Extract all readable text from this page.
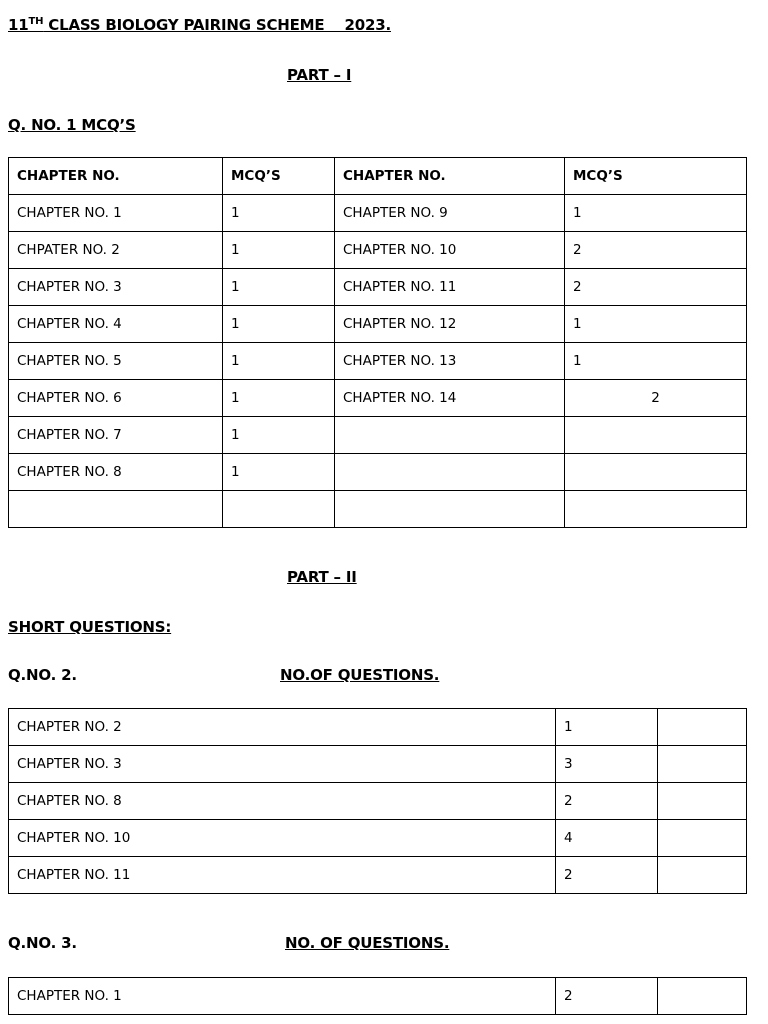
11TH CLASS BIOLOGY PAIRING SCHEME    2023.
PART – I
Q. NO. 1 MCQ’S
CHAPTER NO.	MCQ’S	CHAPTER NO.	MCQ’S
CHAPTER NO. 1	1	CHAPTER NO. 9	1
CHPATER NO. 2	1	CHAPTER NO. 10	2
CHAPTER NO. 3	1	CHAPTER NO. 11	2
CHAPTER NO. 4	1	CHAPTER NO. 12	1
CHAPTER NO. 5	1	CHAPTER NO. 13	1
CHAPTER NO. 6	1	CHAPTER NO. 14	2
CHAPTER NO. 7	1		
CHAPTER NO. 8	1		

PART – II
SHORT QUESTIONS:
Q.NO. 2.	NO.OF QUESTIONS.
CHAPTER NO. 2	1	
CHAPTER NO. 3	3	
CHAPTER NO. 8	2	
CHAPTER NO. 10	4	
CHAPTER NO. 11	2	
Q.NO. 3.	NO. OF QUESTIONS.
CHAPTER NO. 1	2	
